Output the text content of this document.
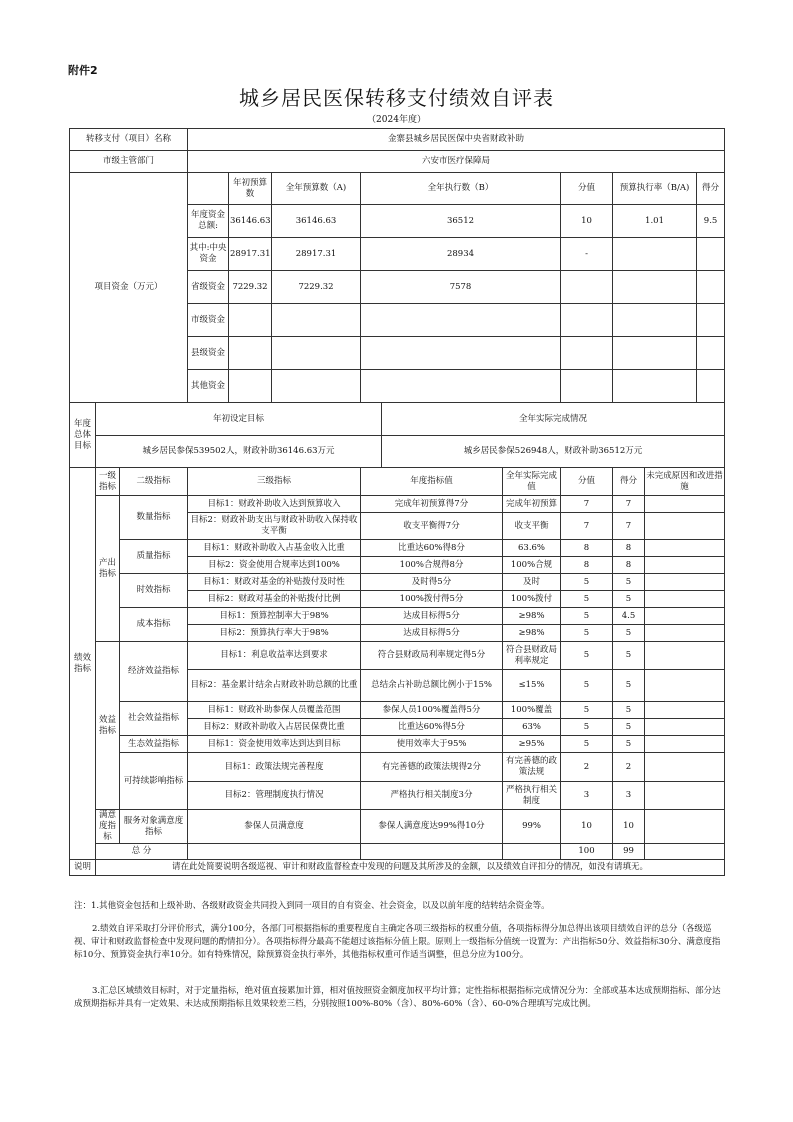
附件2
城乡居民医保转移支付绩效自评表
（2024年度）
转移支付（项目）名称			金寨县城乡居民医保中央省财政补助									
市级主管部门			六安市医疗保障局									
项目资金（万元）				年初预算数	全年预算数（A)	全年执行数（B）			分值	预算执行率（B/A)		得分
			年度资金总额:	36146.63	36146.63	36512			10	1.01		9.5
			其中:中央资金	28917.31	28917.31	28934			-			
			省级资金	7229.32	7229.32	7578						
			市级资金									
			县级资金									
			其他资金									
年度总体目标	年初设定目标						全年实际完成情况					
	城乡居民参保539502人，财政补助36146.63万元						城乡居民参保526948人，财政补助36512万元					
绩效指标	一级指标	二级指标	三级指标			年度指标值		全年实际完成值	分值	得分	未完成原因和改进措施	
	产出指标	数量指标	目标1：财政补助收入达到预算收入			完成年初预算得7分		完成年初预算	7	7		
			目标2：财政补助支出与财政补助收入保持收支平衡			收支平衡得7分		收支平衡	7	7		
		质量指标	目标1：财政补助收入占基金收入比重			比重达60%得8分		63.6%	8	8		
			目标2：资金使用合规率达到100%			100%合规得8分		100%合规	8	8		
		时效指标	目标1：财政对基金的补贴拨付及时性			及时得5分		及时	5	5		
			目标2：财政对基金的补贴拨付比例			100%拨付得5分		100%拨付	5	5		
		成本指标	目标1：预算控制率大于98%			达成目标得5分		≥98%	5	4.5		
			目标2：预算执行率大于98%			达成目标得5分		≥98%	5	5		
	效益指标	经济效益指标	目标1：利息收益率达到要求			符合县财政局利率规定得5分		符合县财政局利率规定	5	5		
			目标2：基金累计结余占财政补助总额的比重			总结余占补助总额比例小于15%		≤15%	5	5		
		社会效益指标	目标1：财政补助参保人员覆盖范围			参保人员100%覆盖得5分		100%覆盖	5	5		
			目标2：财政补助收入占居民保费比重			比重达60%得5分		63%	5	5		
		生态效益指标	目标1：资金使用效率达到达到目标			使用效率大于95%		≥95%	5	5		
		可持续影响指标	目标1：政策法规完善程度			有完善德的政策法规得2分		有完善德的政策法规	2	2		
			目标2：管理制度执行情况			严格执行相关制度3分		严格执行相关制度	3	3		
	满意度指标	服务对象满意度指标	参保人员满意度			参保人满意度达99%得10分		99%	10	10		
	总 分								100	99		
说明	请在此处简要说明各级巡视、审计和财政监督检查中发现的问题及其所涉及的金额，以及绩效自评扣分的情况，如没有请填无。											
注：1.其他资金包括和上级补助、各级财政资金共同投入到同一项目的自有资金、社会资金，以及以前年度的结转结余资金等。
2.绩效自评采取打分评价形式，满分100分，各部门可根据指标的重要程度自主确定各项三级指标的权重分值，各项指标得分加总得出该项目绩效自评的总分（各级巡视、审计和财政监督检查中发现问题的酌情扣分）。各项指标得分最高不能超过该指标分值上限。原则上一级指标分值统一设置为：产出指标50分、效益指标30分、满意度指标10分、预算资金执行率10分。如有特殊情况，除预算资金执行率外，其他指标权重可作适当调整，但总分应为100分。
3.汇总区域绩效目标时，对于定量指标，绝对值直接累加计算，相对值按照资金额度加权平均计算；定性指标根据指标完成情况分为：全部或基本达成预期指标、部分达成预期指标并具有一定效果、未达成预期指标且效果较差三档，分别按照100%-80%（含）、80%-60%（含）、60-0%合理填写完成比例。
